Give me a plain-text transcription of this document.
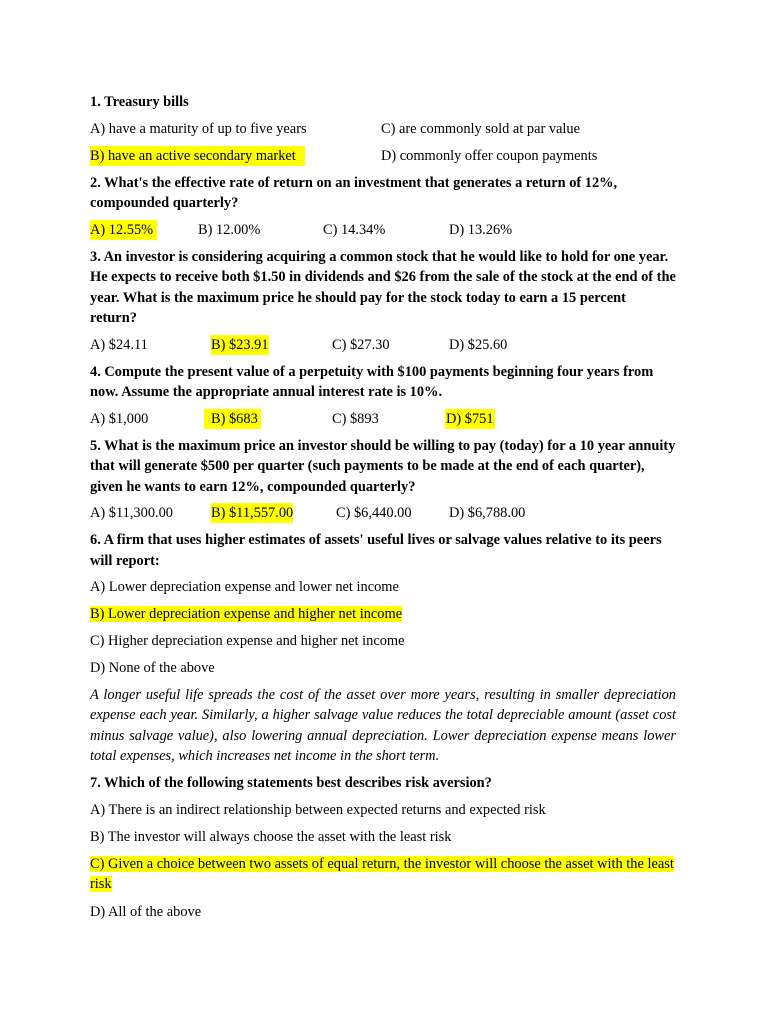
1. Treasury bills
A) have a maturity of up to five years	C) are commonly sold at par value
B) have an active secondary market	D) commonly offer coupon payments
2. What's the effective rate of return on an investment that generates a return of 12%, compounded quarterly?
A) 12.55%	B) 12.00%	C) 14.34%	D) 13.26%
3. An investor is considering acquiring a common stock that he would like to hold for one year. He expects to receive both $1.50 in dividends and $26 from the sale of the stock at the end of the year. What is the maximum price he should pay for the stock today to earn a 15 percent return?
A) $24.11	B) $23.91	C) $27.30	D) $25.60
4. Compute the present value of a perpetuity with $100 payments beginning four years from now. Assume the appropriate annual interest rate is 10%.
A) $1,000	B) $683	C) $893	D) $751
5. What is the maximum price an investor should be willing to pay (today) for a 10 year annuity that will generate $500 per quarter (such payments to be made at the end of each quarter), given he wants to earn 12%, compounded quarterly?
A) $11,300.00	B) $11,557.00	C) $6,440.00	D) $6,788.00
6. A firm that uses higher estimates of assets' useful lives or salvage values relative to its peers will report:
A) Lower depreciation expense and lower net income
B) Lower depreciation expense and higher net income
C) Higher depreciation expense and higher net income
D) None of the above
A longer useful life spreads the cost of the asset over more years, resulting in smaller depreciation expense each year. Similarly, a higher salvage value reduces the total depreciable amount (asset cost minus salvage value), also lowering annual depreciation. Lower depreciation expense means lower total expenses, which increases net income in the short term.
7. Which of the following statements best describes risk aversion?
A) There is an indirect relationship between expected returns and expected risk
B) The investor will always choose the asset with the least risk
C) Given a choice between two assets of equal return, the investor will choose the asset with the least risk
D) All of the above
